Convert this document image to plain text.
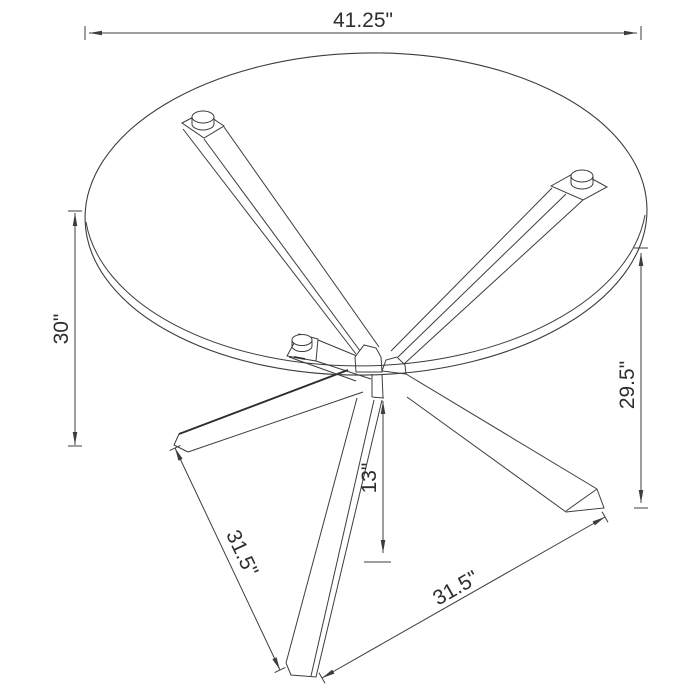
41.25"
30"
29.5"
13"
31.5"
31.5"
